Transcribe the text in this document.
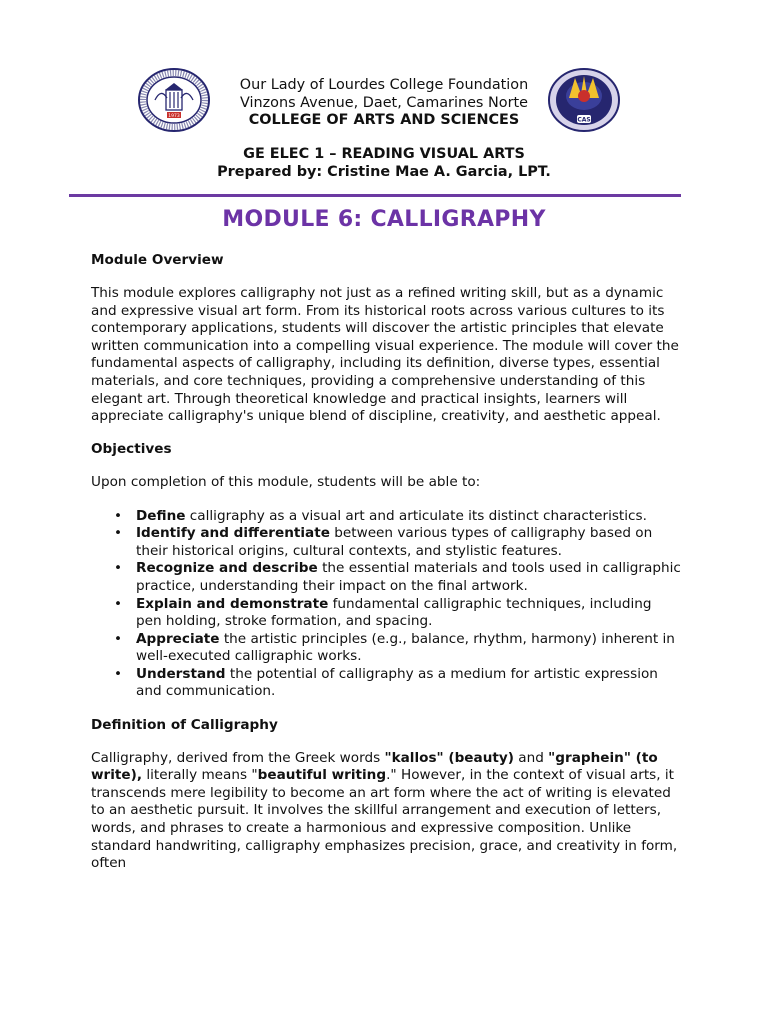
1973	CAS
Our Lady of Lourdes College Foundation
Vinzons Avenue, Daet, Camarines Norte
COLLEGE OF ARTS AND SCIENCES
GE ELEC 1 – READING VISUAL ARTS
Prepared by: Cristine Mae A. Garcia, LPT.
MODULE 6: CALLIGRAPHY
Module Overview

This module explores calligraphy not just as a refined writing skill, but as a dynamic and expressive visual art form. From its historical roots across various cultures to its contemporary applications, students will discover the artistic principles that elevate written communication into a compelling visual experience. The module will cover the fundamental aspects of calligraphy, including its definition, diverse types, essential materials, and core techniques, providing a comprehensive understanding of this elegant art. Through theoretical knowledge and practical insights, learners will appreciate calligraphy's unique blend of discipline, creativity, and aesthetic appeal.

Objectives

Upon completion of this module, students will be able to:

• Define calligraphy as a visual art and articulate its distinct characteristics.
• Identify and differentiate between various types of calligraphy based on their historical origins, cultural contexts, and stylistic features.
• Recognize and describe the essential materials and tools used in calligraphic practice, understanding their impact on the final artwork.
• Explain and demonstrate fundamental calligraphic techniques, including pen holding, stroke formation, and spacing.
• Appreciate the artistic principles (e.g., balance, rhythm, harmony) inherent in well-executed calligraphic works.
• Understand the potential of calligraphy as a medium for artistic expression and communication.
Definition of Calligraphy

Calligraphy, derived from the Greek words "kallos" (beauty) and "graphein" (to write), literally means "beautiful writing." However, in the context of visual arts, it transcends mere legibility to become an art form where the act of writing is elevated to an aesthetic pursuit. It involves the skillful arrangement and execution of letters, words, and phrases to create a harmonious and expressive composition. Unlike standard handwriting, calligraphy emphasizes precision, grace, and creativity in form, often
